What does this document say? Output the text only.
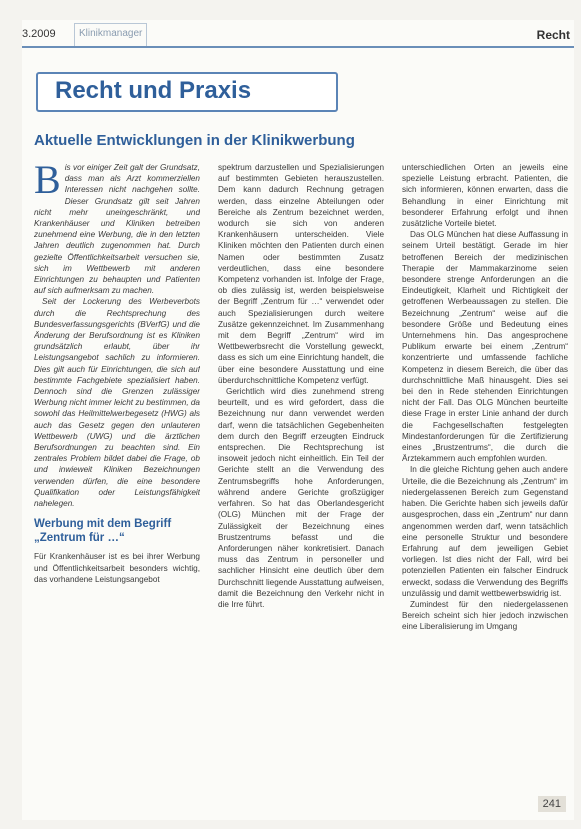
3.2009	Klinikmanager	Recht
Recht und Praxis
Aktuelle Entwicklungen in der Klinikwerbung

Bis vor einiger Zeit galt der Grundsatz, dass man als Arzt kommerziellen Interessen nicht nachgehen sollte. Dieser Grundsatz gilt seit Jahren nicht mehr uneingeschränkt, und Krankenhäuser und Kliniken betreiben zunehmend eine Werbung, die in den letzten Jahren deutlich zugenommen hat. Durch gezielte Öffentlichkeitsarbeit versuchen sie, sich im Wettbewerb mit anderen Einrichtungen zu behaupten und Patienten auf sich aufmerksam zu machen.

Seit der Lockerung des Werbeverbots durch die Rechtsprechung des Bundesverfassungsgerichts (BVerfG) und die Änderung der Berufsordnung ist es Kliniken grundsätzlich erlaubt, über ihr Leistungsangebot sachlich zu informieren. Dies gilt auch für Einrichtungen, die sich auf bestimmte Fachgebiete spezialisiert haben. Dennoch sind die Grenzen zulässiger Werbung nicht immer leicht zu bestimmen, da sowohl das Heilmittelwerbegesetz (HWG) als auch das Gesetz gegen den unlauteren Wettbewerb (UWG) und die ärztlichen Berufsordnungen zu beachten sind. Ein zentrales Problem bildet dabei die Frage, ob und inwieweit Kliniken Bezeichnungen verwenden dürfen, die eine besondere Qualifikation oder Leistungsfähigkeit nahelegen.

Werbung mit dem Begriff „Zentrum für …“

Für Krankenhäuser ist es bei ihrer Werbung und Öffentlichkeitsarbeit besonders wichtig, das vorhandene Leistungsangebot

spektrum darzustellen und Spezialisierungen auf bestimmten Gebieten herauszustellen. Dem kann dadurch Rechnung getragen werden, dass einzelne Abteilungen oder Bereiche als Zentrum bezeichnet werden, wodurch sie sich von anderen Krankenhäusern unterscheiden. Viele Kliniken möchten den Patienten durch einen Namen oder bestimmten Zusatz verdeutlichen, dass eine besondere Kompetenz vorhanden ist. Infolge der Frage, ob dies zulässig ist, werden beispielsweise der Begriff „Zentrum für …“ verwendet oder auch Spezialisierungen durch weitere Zusätze gekennzeichnet. Im Zusammenhang mit dem Begriff „Zentrum“ wird im Wettbewerbsrecht die Vorstellung geweckt, dass es sich um eine Einrichtung handelt, die über eine besondere Ausstattung und eine überdurchschnittliche Kompetenz verfügt.

Gerichtlich wird dies zunehmend streng beurteilt, und es wird gefordert, dass die Bezeichnung nur dann verwendet werden darf, wenn die tatsächlichen Gegebenheiten dem durch den Begriff erzeugten Eindruck entsprechen. Die Rechtsprechung ist insoweit jedoch nicht einheitlich. Ein Teil der Gerichte stellt an die Verwendung des Zentrumsbegriffs hohe Anforderungen, während andere Gerichte großzügiger verfahren. So hat das Oberlandesgericht (OLG) München mit der Frage der Zulässigkeit der Bezeichnung eines Brustzentrums befasst und die Anforderungen näher konkretisiert. Danach muss das Zentrum in personeller und sachlicher Hinsicht eine deutlich über dem Durchschnitt liegende Ausstattung aufweisen, damit die Bezeichnung den Verkehr nicht in die Irre führt.

unterschiedlichen Orten an jeweils eine spezielle Leistung erbracht. Patienten, die sich informieren, können erwarten, dass die Behandlung in einer Einrichtung mit besonderer Erfahrung erfolgt und ihnen zusätzliche Vorteile bietet.

Das OLG München hat diese Auffassung in seinem Urteil bestätigt. Gerade im hier betroffenen Bereich der medizinischen Therapie der Mammakarzinome seien besondere strenge Anforderungen an die Eindeutigkeit, Klarheit und Richtigkeit der getroffenen Werbeaussagen zu stellen. Die Bezeichnung „Zentrum“ weise auf die besondere Größe und Bedeutung eines Unternehmens hin. Das angesprochene Publikum erwarte bei einem „Zentrum“ konzentrierte und umfassende fachliche Kompetenz in diesem Bereich, die über das durchschnittliche Maß hinausgeht. Dies sei bei den in Rede stehenden Einrichtungen nicht der Fall. Das OLG München beurteilte diese Frage in erster Linie anhand der durch die Fachgesellschaften festgelegten Mindestanforderungen für die Zertifizierung eines „Brustzentrums“, die durch die Ärztekammern auch empfohlen wurden.

In die gleiche Richtung gehen auch andere Urteile, die die Bezeichnung als „Zentrum“ im niedergelassenen Bereich zum Gegenstand haben. Die Gerichte haben sich jeweils dafür ausgesprochen, dass ein „Zentrum“ nur dann angenommen werden darf, wenn tatsächlich eine personelle Struktur und besondere Erfahrung auf dem jeweiligen Gebiet vorliegen. Ist dies nicht der Fall, wird bei potenziellen Patienten ein falscher Eindruck erweckt, sodass die Verwendung des Begriffs unzulässig und damit wettbewerbswidrig ist.

Zumindest für den niedergelassenen Bereich scheint sich hier jedoch inzwischen eine Liberalisierung im Umgang

241
